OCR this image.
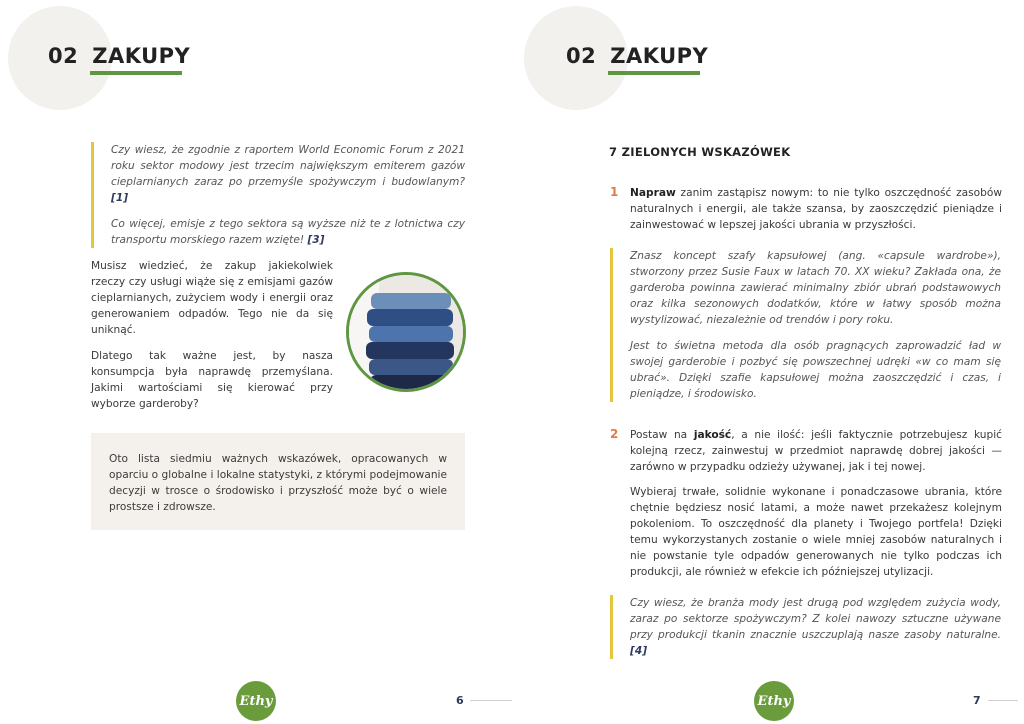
02 ZAKUPY

Czy wiesz, że zgodnie z raportem World Economic Forum z 2021 roku sektor modowy jest trzecim największym emiterem gazów cieplarnianych zaraz po przemyśle spożywczym i budowlanym? [1]

Co więcej, emisje z tego sektora są wyższe niż te z lotnictwa czy transportu morskiego razem wzięte! [3]

Musisz wiedzieć, że zakup jakiekolwiek rzeczy czy usługi wiąże się z emisjami gazów cieplarnianych, zużyciem wody i energii oraz generowaniem odpadów. Tego nie da się uniknąć.

Dlatego tak ważne jest, by nasza konsumpcja była naprawdę przemyślana. Jakimi wartościami się kierować przy wyborze garderoby?

Oto lista siedmiu ważnych wskazówek, opracowanych w oparciu o globalne i lokalne statystyki, z którymi podejmowanie decyzji w trosce o środowisko i przyszłość może być o wiele prostsze i zdrowsze.
Ethy	6
02 ZAKUPY
7 ZIELONYCH WSKAZÓWEK
1 Napraw zanim zastąpisz nowym: to nie tylko oszczędność zasobów naturalnych i energii, ale także szansa, by zaoszczędzić pieniądze i zainwestować w lepszej jakości ubrania w przyszłości.

Znasz koncept szafy kapsułowej (ang. «capsule wardrobe»), stworzony przez Susie Faux w latach 70. XX wieku? Zakłada ona, że garderoba powinna zawierać minimalny zbiór ubrań podstawowych oraz kilka sezonowych dodatków, które w łatwy sposób można wystylizować, niezależnie od trendów i pory roku.

Jest to świetna metoda dla osób pragnących zaprowadzić ład w swojej garderobie i pozbyć się powszechnej udręki «w co mam się ubrać». Dzięki szafie kapsułowej można zaoszczędzić i czas, i pieniądze, i środowisko.

2 Postaw na jakość, a nie ilość: jeśli faktycznie potrzebujesz kupić kolejną rzecz, zainwestuj w przedmiot naprawdę dobrej jakości — zarówno w przypadku odzieży używanej, jak i tej nowej.

Wybieraj trwałe, solidnie wykonane i ponadczasowe ubrania, które chętnie będziesz nosić latami, a może nawet przekażesz kolejnym pokoleniom. To oszczędność dla planety i Twojego portfela! Dzięki temu wykorzystanych zostanie o wiele mniej zasobów naturalnych i nie powstanie tyle odpadów generowanych nie tylko podczas ich produkcji, ale również w efekcie ich późniejszej utylizacji.

Czy wiesz, że branża mody jest drugą pod względem zużycia wody, zaraz po sektorze spożywczym? Z kolei nawozy sztuczne używane przy produkcji tkanin znacznie uszczuplają nasze zasoby naturalne. [4]

Ethy	7
